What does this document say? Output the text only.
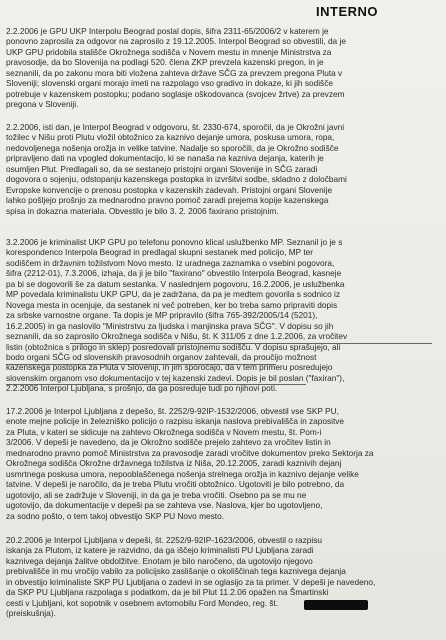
INTERNO
2.2.2006 je GPU UKP Interpolu Beograd poslal dopis, šifra 2311-65/2006/2 v katerem je
ponovno zaprosila za odgovor na zaprosilo z 19.12.2005. Interpol Beograd so obvestili, da je
UKP GPU pridobila stališče Okrožnega sodišča v Novem mestu in mnenje Ministrstva za
pravosodje, da bo Slovenija na podlagi 520. člena ZKP prevzela kazenski pregon, in je
seznanili, da po zakonu mora biti vložena zahteva države SČG za prevzem pregona Pluta v
Sloveniji; slovenski organi morajo imeti na razpolago vso gradivo in dokaze, ki jih sodišče
potrebuje v kazenskem postopku; podano soglasje oškodovanca (svojcev žrtve) za prevzem
pregona v Sloveniji.
2.2.2006, isti dan, je Interpol Beograd v odgovoru, št. 2330-674, sporočil, da je Okrožni javni
tožilec v Nišu proti Plutu vložil obtožnico za kaznivo dejanje umora, poskusa umora, ropa,
nedovoljenega nošenja orožja in velike tatvine. Nadalje so sporočili, da je Okrožno sodišče
pripravljeno dati na vpogled dokumentacijo, ki se nanaša na kazniva dejanja, katerih je
osumljen Plut. Predlagali so, da se sestanejo pristojni organi Slovenije in SČG zaradi
dogovora o sojenju, odstopanju kazenskega postopka in izvršitvi sodbe, skladno z določbami
Evropske konvencije o prenosu postopka v kazenskih zadevah. Pristojni organi Slovenije
lahko pošljejo prošnjo za mednarodno pravno pomoč zaradi prejema kopije kazenskega
spisa in dokazna materiala. Obvestilo je bilo 3. 2. 2006 faxirano pristojnim.
3.2.2006 je kriminalist UKP GPU po telefonu ponovno klical uslužbenko MP. Seznanil jo je s
korespondenco Interpola Beograd in predlagal skupni sestanek med policijo, MP ter
sodiščem in državnim tožilstvom Novo mesto. Iz uradnega zaznamka o vsebini pogovora,
šifra (2212-01), 7.3.2006, izhaja, da ji je bilo "faxirano" obvestilo Interpola Beograd, kasneje
pa bi se dogovorili še za datum sestanka. V naslednjem pogovoru, 16.2.2006, je uslužbenka
MP povedala kriminalistu UKP GPU, da je zadržana, da pa je medtem govorila s sodnico iz
Novega mesta in ocenjuje, da sestanek ni več potreben, ker bo treba samo pripraviti dopis
za srbske varnostne organe. Ta dopis je MP pripravilo (šifra 765-392/2005/14 (5201),
16.2.2005) in ga naslovilo "Ministrstvu za ljudska i manjinska prava SČG". V dopisu so jih
seznanili, da so zaprosilo Okrožnega sodišča v Nišu, št. K 311/05 z dne 1.2.2006, za vročitev
listin (obtožnica s prilogo in sklep) posredovali pristojnemu sodišču. V dopisu sprašujejo, ali
bodo organi SČG od slovenskih pravosodnih organov zahtevali, da proučijo možnost
kazenskega postopka za Pluta v Sloveniji, in jim sporočajo, da v tem primeru posredujejo
slovenskim organom vso dokumentacijo v tej kazenski zadevi. Dopis je bil poslan ("faxiran"),
2.2.2006 Interpol Ljubljana, s prošnjo, da ga posreduje tudi po njihovi poti.
17.2.2006 je Interpol Ljubljana z depešo, št. 2252/9-92IP-1532/2006, obvestil vse SKP PU,
enote mejne policije in železniško policijo o razpisu iskanja naslova prebivališča in zapositve
za Pluta, v kateri se sklicuje na zahtevo Okrožnega sodišča v Novem mestu, št. Pom-i
3/2006. V depeši je navedeno, da je Okrožno sodišče prejelo zahtevo za vročitev listin in
mednarodno pravno pomoč Ministrstva za pravosodje zaradi vročitve dokumentov preko Sektorja za
Okrožnega sodišča Okrožne državnega tožilstva iz Niša, 20.12.2005, zaradi kaznivih dejanj
usmrtnega poskusa umora, nepooblaščenega nošenja strelnega orožja in kaznivo dejanje velike
tatvine. V depeši je naročilo, da je treba Plutu vročiti obtožnico. Ugotoviti je bilo potrebno, da
ugotovijo, ali se zadržuje v Sloveniji, in da ga je treba vročiti. Osebno pa se mu ne
ugotovijo, da dokumentacije v depeši pa se zahteva vse. Naslova, kjer bo ugotovljeno,
za sodno pošto, o tem takoj obvestijo SKP PU Novo mesto.
20.2.2006 je Interpol Ljubljana v depeši, št. 2252/9-92IP-1623/2006, obvestil o razpisu
iskanja za Plutom, iz katere je razvidno, da ga iščejo kriminalisti PU Ljubljana zaradi
kaznivega dejanja žalitve obdolžitve. Enotam je bilo naročeno, da ugotovijo njegovo
prebivališče in mu vročijo vabilo za policijsko zaslišanje o okoliščinah tega kaznivega dejanja
in obvestijo kriminaliste SKP PU Ljubljana o zadevi in se oglasijo za ta primer. V depeši je navedeno,
da SKP PU Ljubljana razpolaga s podatkom, da je bil Plut 11.2.06 opažen na Šmartinski
cesti v Ljubljani, kot sopotnik v osebnem avtomobilu Ford Mondeo, reg. št.
(preiskušnja).
